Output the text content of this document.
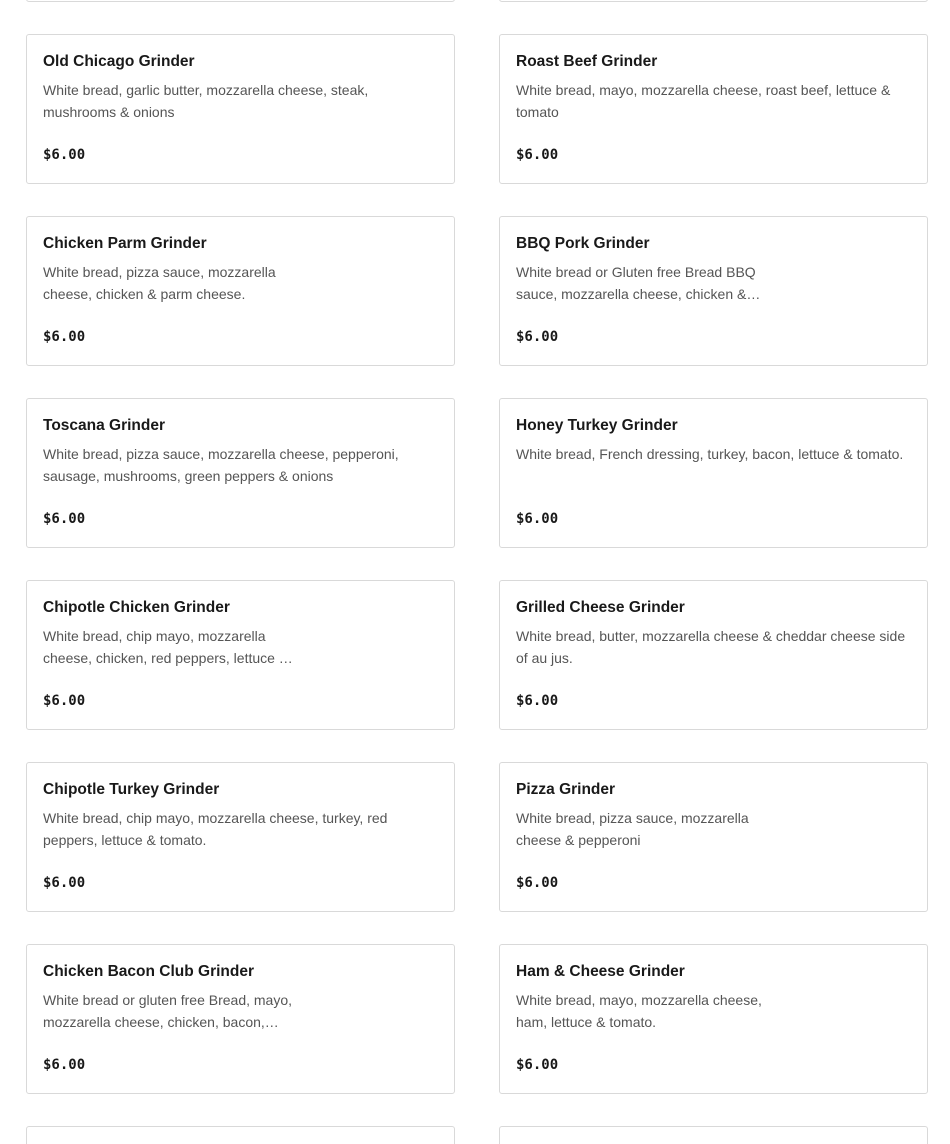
Old Chicago Grinder
White bread, garlic butter, mozzarella cheese, steak, mushrooms & onions
$6.00
Roast Beef Grinder
White bread, mayo, mozzarella cheese, roast beef, lettuce & tomato
$6.00
Chicken Parm Grinder
White bread, pizza sauce, mozzarella cheese, chicken & parm cheese.
$6.00
BBQ Pork Grinder
White bread or Gluten free Bread BBQ sauce, mozzarella cheese, chicken &…
$6.00
Toscana Grinder
White bread, pizza sauce, mozzarella cheese, pepperoni, sausage, mushrooms, green peppers & onions
$6.00
Honey Turkey Grinder
White bread, French dressing, turkey, bacon, lettuce & tomato.
$6.00
Chipotle Chicken Grinder
White bread, chip mayo, mozzarella cheese, chicken, red peppers, lettuce …
$6.00
Grilled Cheese Grinder
White bread, butter, mozzarella cheese & cheddar cheese side of au jus.
$6.00
Chipotle Turkey Grinder
White bread, chip mayo, mozzarella cheese, turkey, red peppers, lettuce & tomato.
$6.00
Pizza Grinder
White bread, pizza sauce, mozzarella cheese & pepperoni
$6.00
Chicken Bacon Club Grinder
White bread or gluten free Bread, mayo, mozzarella cheese, chicken, bacon,…
$6.00
Ham & Cheese Grinder
White bread, mayo, mozzarella cheese, ham, lettuce & tomato.
$6.00
